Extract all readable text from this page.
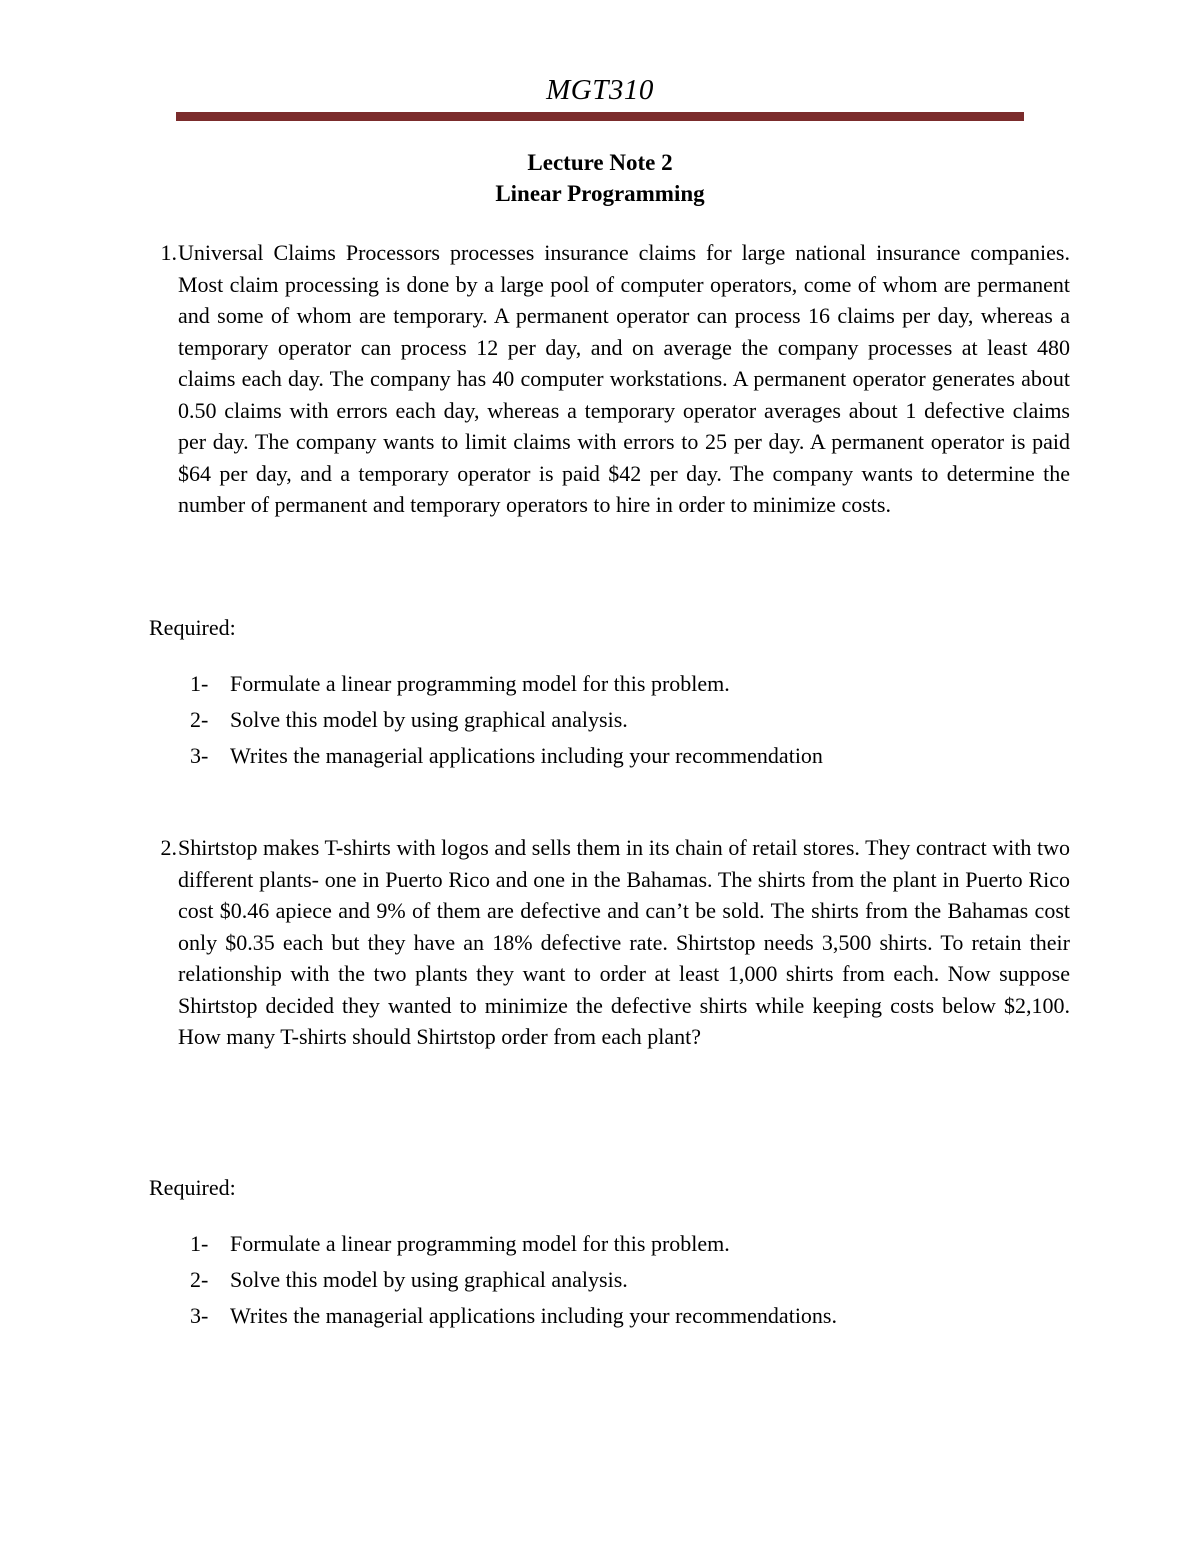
MGT310
Lecture Note 2
Linear Programming
1. Universal Claims Processors processes insurance claims for large national insurance companies. Most claim processing is done by a large pool of computer operators, come of whom are permanent and some of whom are temporary. A permanent operator can process 16 claims per day, whereas a temporary operator can process 12 per day, and on average the company processes at least 480 claims each day. The company has 40 computer workstations. A permanent operator generates about 0.50 claims with errors each day, whereas a temporary operator averages about 1 defective claims per day. The company wants to limit claims with errors to 25 per day. A permanent operator is paid $64 per day, and a temporary operator is paid $42 per day. The company wants to determine the number of permanent and temporary operators to hire in order to minimize costs.
Required:
1- Formulate a linear programming model for this problem.
2- Solve this model by using graphical analysis.
3- Writes the managerial applications including your recommendation
2. Shirtstop makes T-shirts with logos and sells them in its chain of retail stores. They contract with two different plants- one in Puerto Rico and one in the Bahamas. The shirts from the plant in Puerto Rico cost $0.46 apiece and 9% of them are defective and can’t be sold. The shirts from the Bahamas cost only $0.35 each but they have an 18% defective rate. Shirtstop needs 3,500 shirts. To retain their relationship with the two plants they want to order at least 1,000 shirts from each. Now suppose Shirtstop decided they wanted to minimize the defective shirts while keeping costs below $2,100. How many T-shirts should Shirtstop order from each plant?
Required:
1- Formulate a linear programming model for this problem.
2- Solve this model by using graphical analysis.
3- Writes the managerial applications including your recommendations.
